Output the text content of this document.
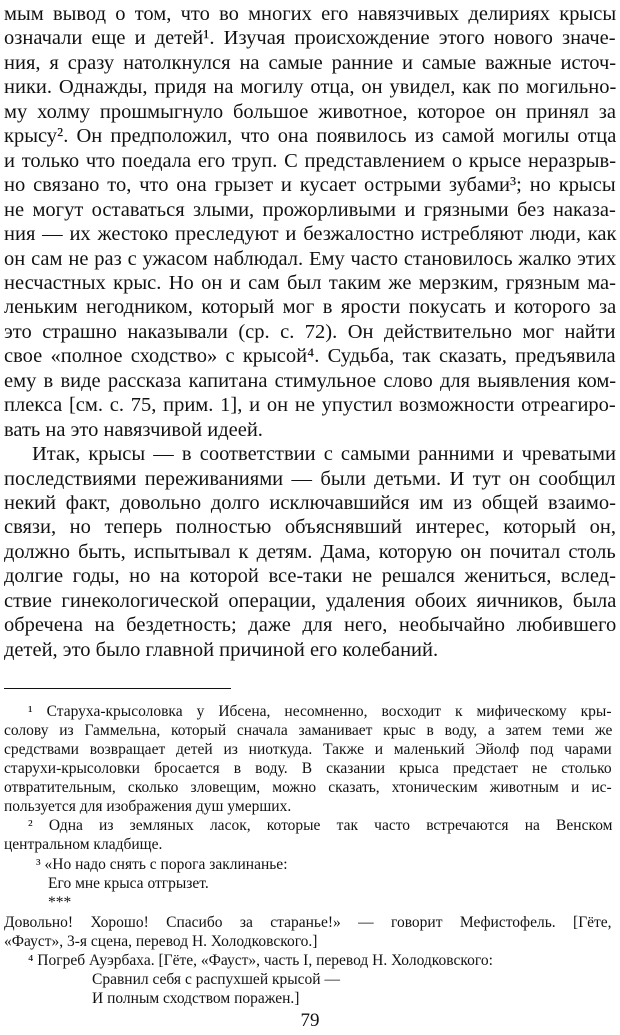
мым вывод о том, что во многих его навязчивых делириях крысы
означали еще и детей¹. Изучая происхождение этого нового значе-
ния, я сразу натолкнулся на самые ранние и самые важные источ-
ники. Однажды, придя на могилу отца, он увидел, как по могильно-
му холму прошмыгнуло большое животное, которое он принял за
крысу². Он предположил, что она появилось из самой могилы отца
и только что поедала его труп. С представлением о крысе неразрыв-
но связано то, что она грызет и кусает острыми зубами³; но крысы
не могут оставаться злыми, прожорливыми и грязными без наказа-
ния — их жестоко преследуют и безжалостно истребляют люди, как
он сам не раз с ужасом наблюдал. Ему часто становилось жалко этих
несчастных крыс. Но он и сам был таким же мерзким, грязным ма-
леньким негодником, который мог в ярости покусать и которого за
это страшно наказывали (ср. с. 72). Он действительно мог найти
свое «полное сходство» с крысой⁴. Судьба, так сказать, предъявила
ему в виде рассказа капитана стимульное слово для выявления ком-
плекса [см. с. 75, прим. 1], и он не упустил возможности отреагиро-
вать на это навязчивой идеей.
Итак, крысы — в соответствии с самыми ранними и чреватыми
последствиями переживаниями — были детьми. И тут он сообщил
некий факт, довольно долго исключавшийся им из общей взаимо-
связи, но теперь полностью объяснявший интерес, который он,
должно быть, испытывал к детям. Дама, которую он почитал столь
долгие годы, но на которой все-таки не решался жениться, вслед-
ствие гинекологической операции, удаления обоих яичников, была
обречена на бездетность; даже для него, необычайно любившего
детей, это было главной причиной его колебаний.
¹ Старуха-крысоловка у Ибсена, несомненно, восходит к мифическому кры-
солову из Гаммельна, который сначала заманивает крыс в воду, а затем теми же
средствами возвращает детей из ниоткуда. Также и маленький Эйолф под чарами
старухи-крысоловки бросается в воду. В сказании крыса предстает не столько
отвратительным, сколько зловещим, можно сказать, хтоническим животным и ис-
пользуется для изображения душ умерших.
² Одна из земляных ласок, которые так часто встречаются на Венском
центральном кладбище.
³ «Но надо снять с порога заклинанье:
Его мне крыса отгрызет.
***
Довольно! Хорошо! Спасибо за старанье!» — говорит Мефистофель. [Гёте,
«Фауст», 3-я сцена, перевод Н. Холодковского.]
⁴ Погреб Ауэрбаха. [Гёте, «Фауст», часть I, перевод Н. Холодковского:
Сравнил себя с распухшей крысой —
И полным сходством поражен.]
79
